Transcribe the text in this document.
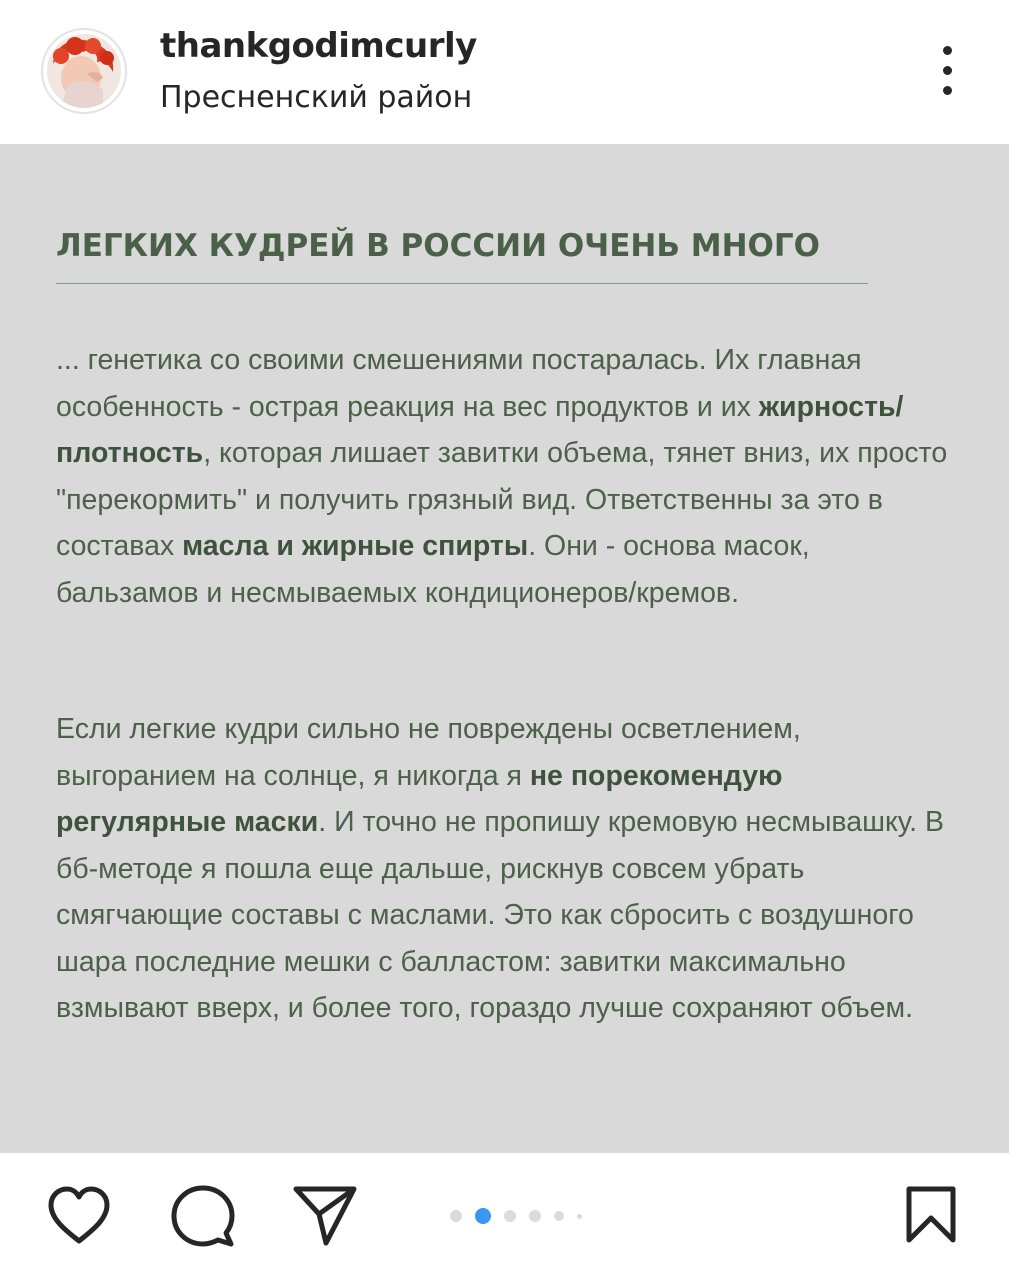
thankgodimcurly
Пресненский район
ЛЕГКИХ КУДРЕЙ В РОССИИ ОЧЕНЬ МНОГО
... генетика со своими смешениями постаралась. Их главная особенность - острая реакция на вес продуктов и их жирность/плотность, которая лишает завитки объема, тянет вниз, их просто "перекормить" и получить грязный вид. Ответственны за это в составах масла и жирные спирты. Они - основа масок, бальзамов и несмываемых кондиционеров/кремов.
Если легкие кудри сильно не повреждены осветлением, выгоранием на солнце, я никогда я не порекомендую регулярные маски. И точно не пропишу кремовую несмывашку. В бб-методе я пошла еще дальше, рискнув совсем убрать смягчающие составы с маслами. Это как сбросить с воздушного шара последние мешки с балластом: завитки максимально взмывают вверх, и более того, гораздо лучше сохраняют объем.
